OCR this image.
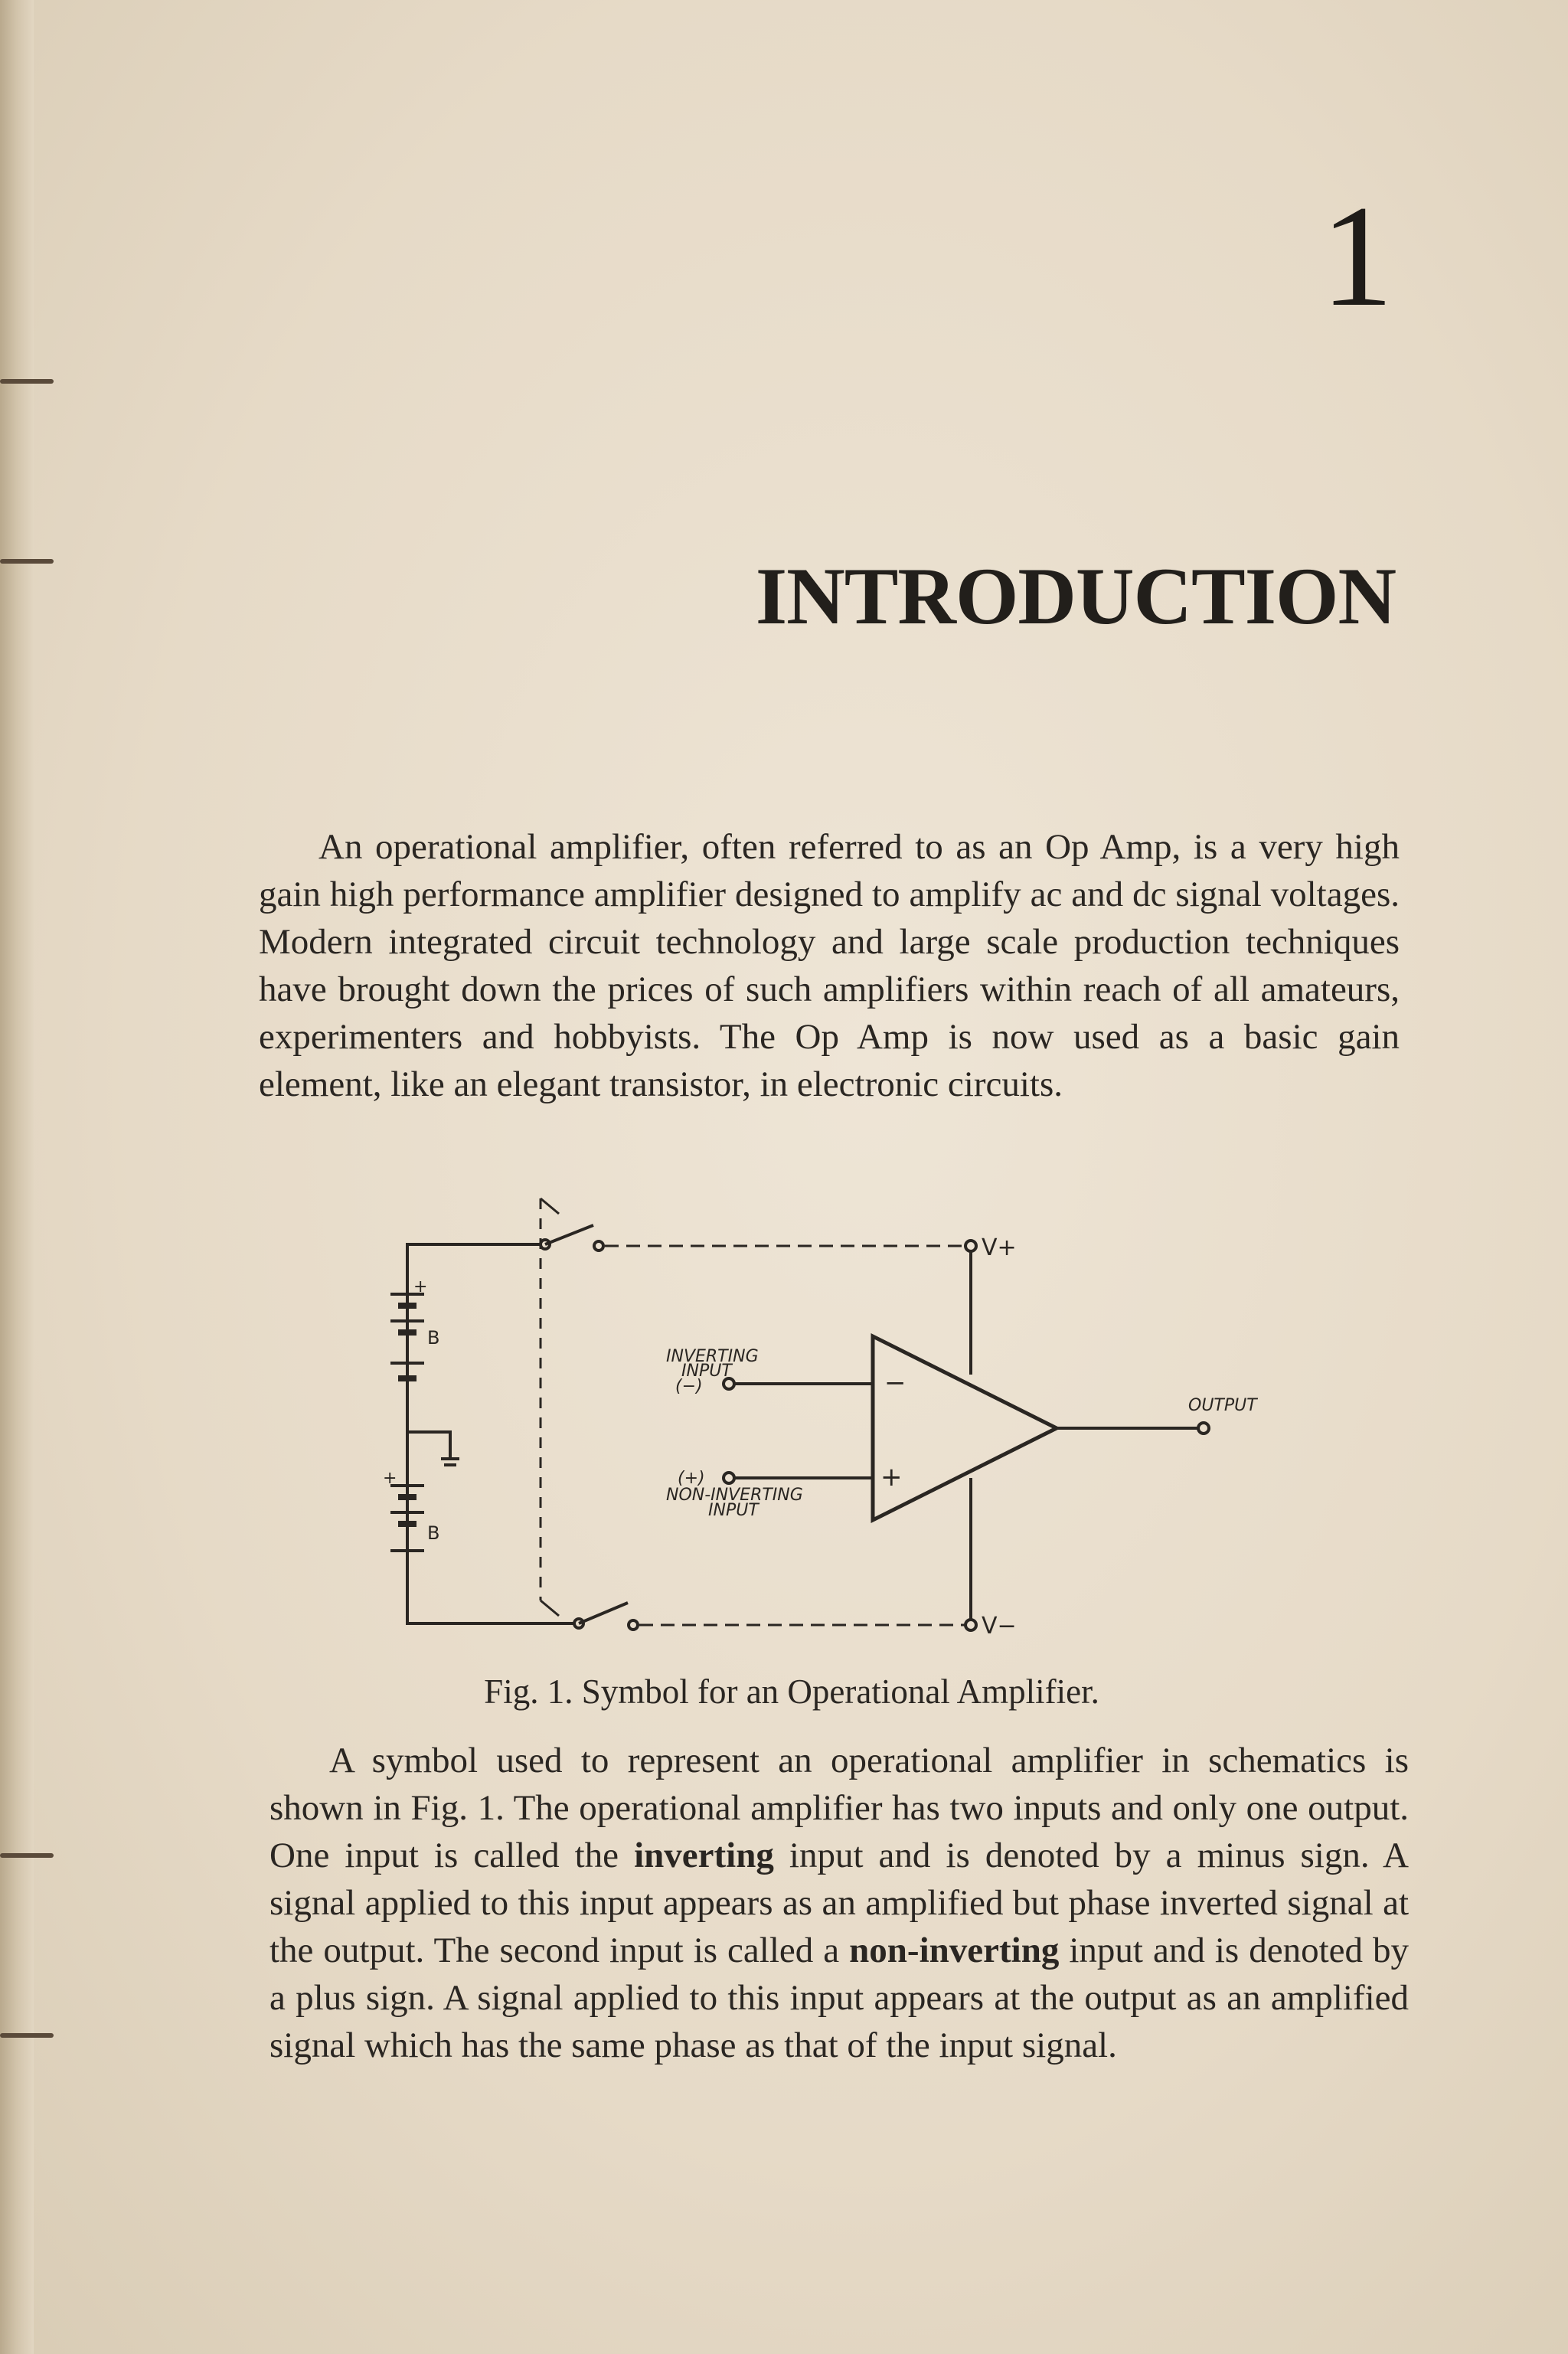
1
INTRODUCTION

An operational amplifier, often referred to as an Op Amp, is a very high gain high performance amplifier designed to amplify ac and dc signal voltages. Modern integrated circuit technology and large scale production techniques have brought down the prices of such amplifiers within reach of all amateurs, experimenters and hobbyists. The Op Amp is now used as a basic gain element, like an elegant transistor, in electronic circuits.

−
+
V+
V−
INVERTING
INPUT
(−)
(+)
NON-INVERTING
INPUT
OUTPUT
B
B
+
+

Fig. 1. Symbol for an Operational Amplifier.

A symbol used to represent an operational amplifier in schematics is shown in Fig. 1. The operational amplifier has two inputs and only one output. One input is called the inverting input and is denoted by a minus sign. A signal applied to this input appears as an amplified but phase inverted signal at the output. The second input is called a non-inverting input and is denoted by a plus sign. A signal applied to this input appears at the output as an amplified signal which has the same phase as that of the input signal.
